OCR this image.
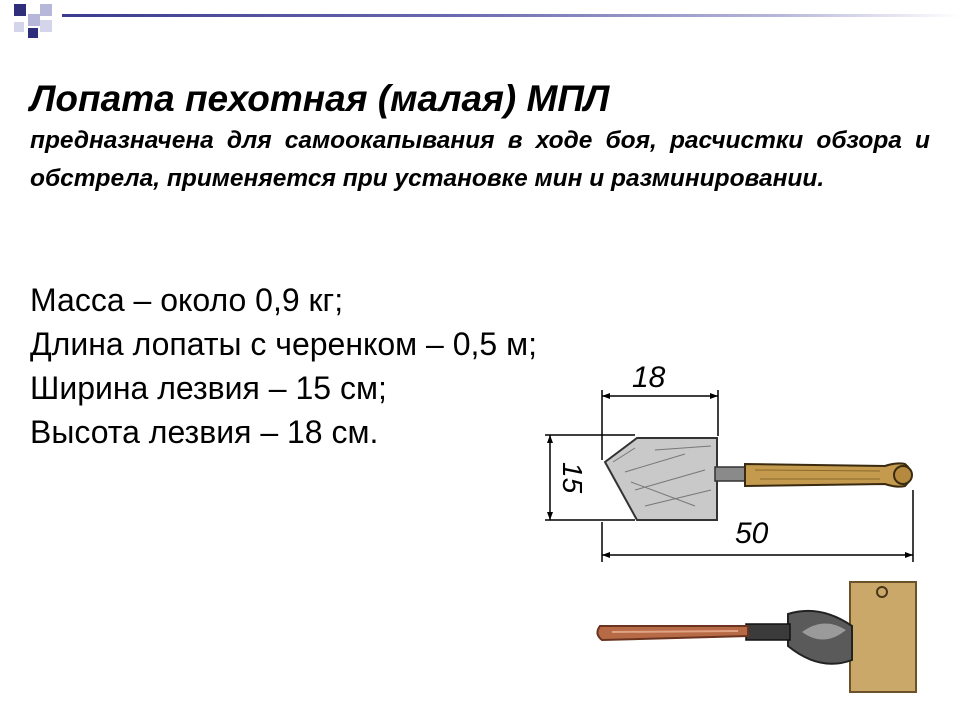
Лопата пехотная (малая) МПЛ

предназначена для самоокапывания в ходе боя, расчистки обзора и обстрела, применяется при установке мин и разминировании.

Масса – около 0,9 кг;
Длина лопаты с черенком – 0,5 м;
Ширина лезвия – 15 см;
Высота лезвия – 18 см.
18
15
50
